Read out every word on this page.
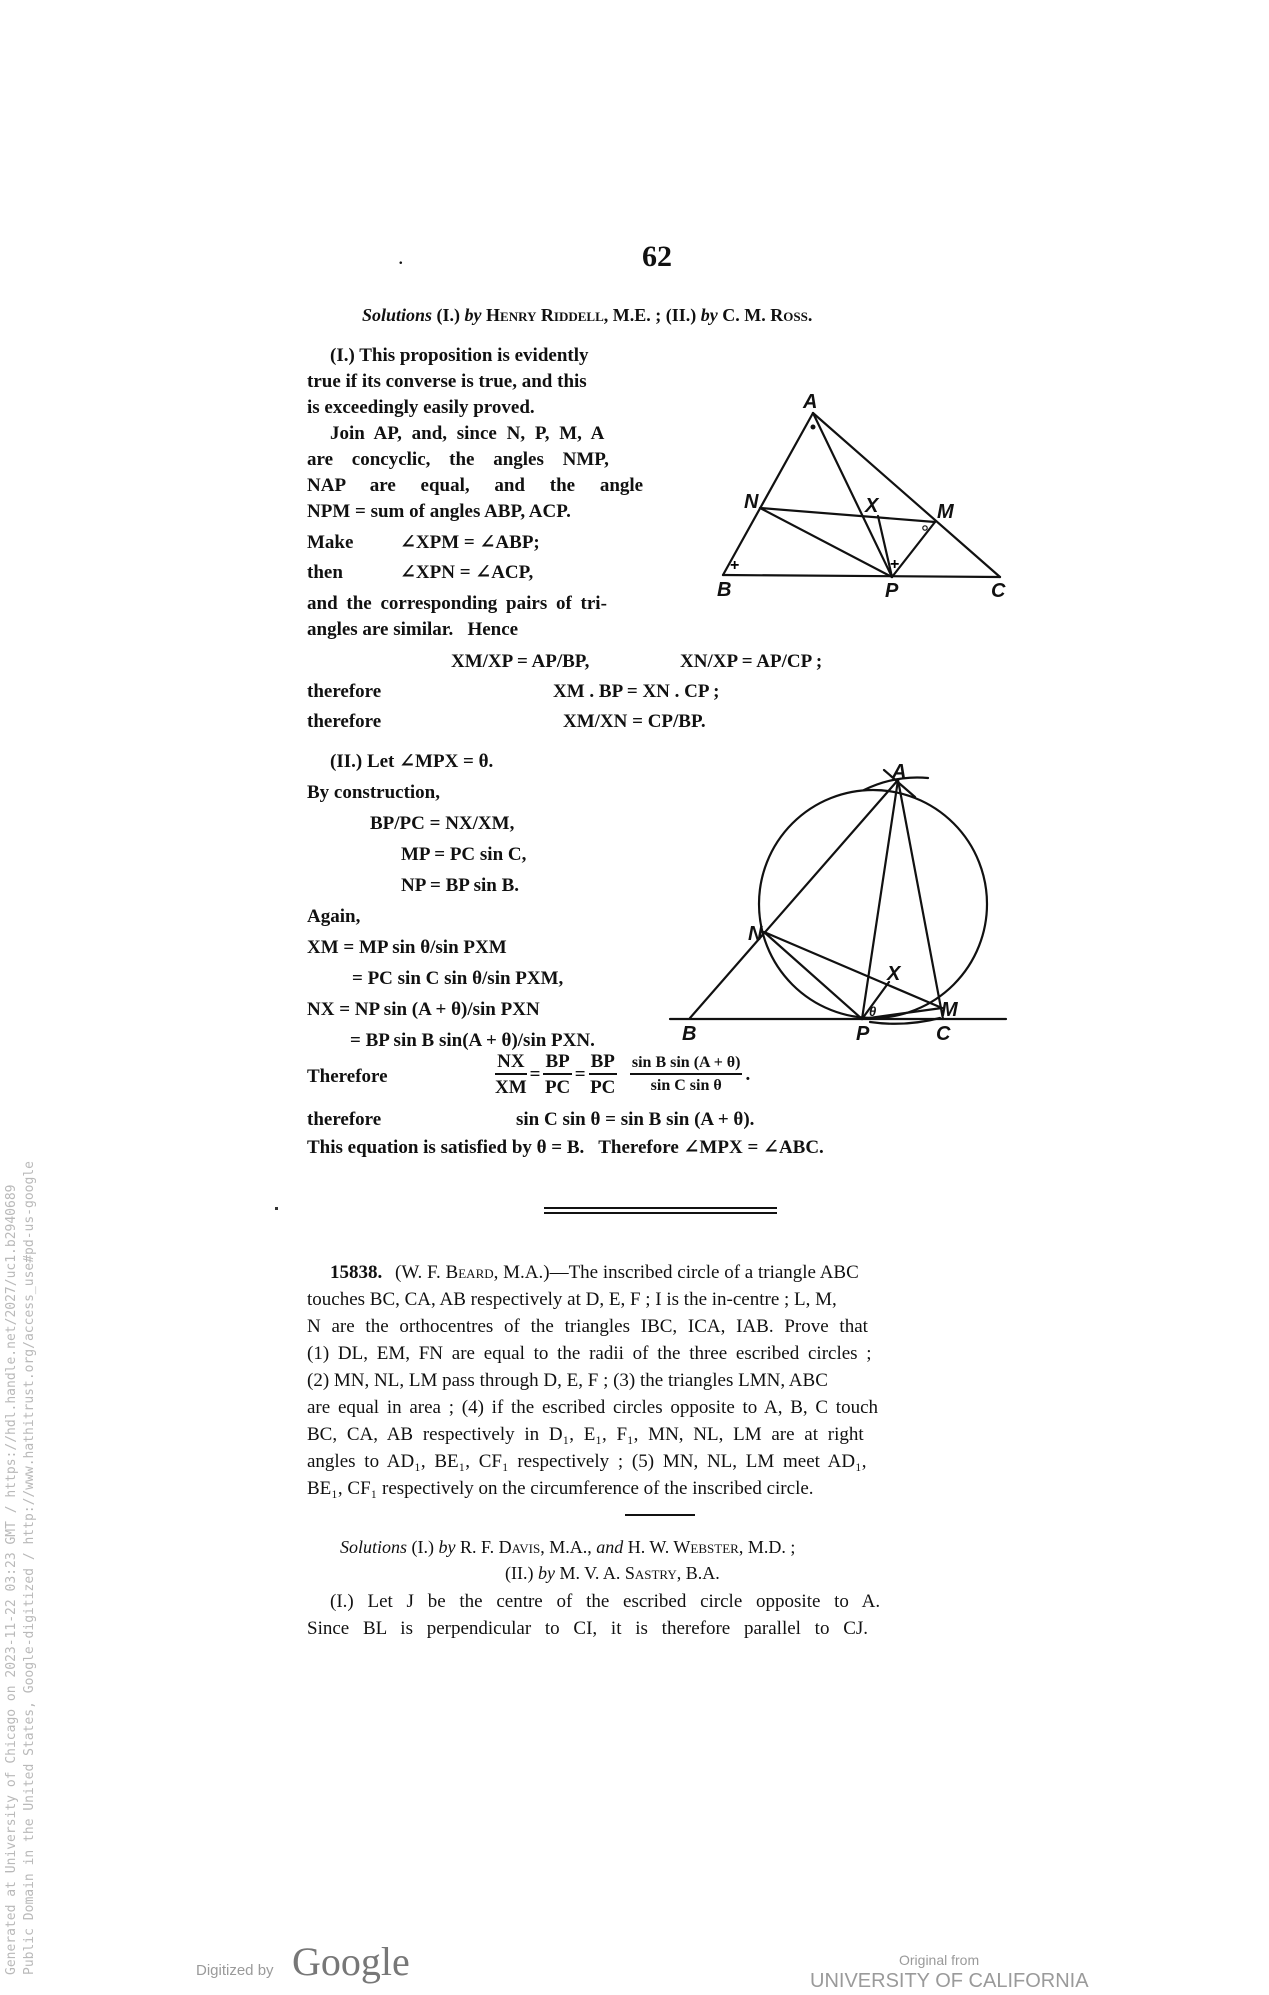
.	62
Solutions (I.) by Henry Riddell, M.E. ; (II.) by C. M. Ross.
(I.) This proposition is evidently
true if its converse is true, and this
is exceedingly easily proved.
Join AP, and, since N, P, M, A
are concyclic, the angles NMP,
NAP are equal, and the angle
NPM = sum of angles ABP, ACP.
Make ∠XPM = ∠ABP;
then	∠XPN = ∠ACP,
and the corresponding pairs of tri-
angles are similar.   Hence
XM/XP = AP/BP,	XN/XP = AP/CP ;
therefore	XM . BP = XN . CP ;
therefore	XM/XN = CP/BP.
+	+
A
N	X	M
B	P	C
(II.) Let ∠MPX = θ.
By construction,
BP/PC = NX/XM,
MP = PC sin C,
NP = BP sin B.
Again,
XM = MP sin θ/sin PXM
= PC sin C sin θ/sin PXM,
NX = NP sin (A + θ)/sin PXN
= BP sin B sin(A + θ)/sin PXN.
Therefore	$\frac{NX}{XM} = \frac{BP}{PC} = \frac{BP}{PC} \frac{\text{sin B sin (A + θ)}}{\text{sin C sin θ}}$ .
therefore	sin C sin θ = sin B sin (A + θ).
This equation is satisfied by θ = B.   Therefore ∠MPX = ∠ABC.
A
N
X
M
B	P	C
θ
15838. (W. F. Beard, M.A.)—The inscribed circle of a triangle ABC
touches BC, CA, AB respectively at D, E, F ; I is the in-centre ; L, M,
N are the orthocentres of the triangles IBC, ICA, IAB. Prove that
(1) DL, EM, FN are equal to the radii of the three escribed circles ;
(2) MN, NL, LM pass through D, E, F ; (3) the triangles LMN, ABC
are equal in area ; (4) if the escribed circles opposite to A, B, C touch
BC, CA, AB respectively in D₁, E₁, F₁, MN, NL, LM are at right
angles to AD₁, BE₁, CF₁ respectively ; (5) MN, NL, LM meet AD₁,
BE₁, CF₁ respectively on the circumference of the inscribed circle.
Solutions (I.) by R. F. Davis, M.A., and H. W. Webster, M.D. ;
(II.) by M. V. A. Sastry, B.A.
(I.) Let J be the centre of the escribed circle opposite to A.
Since BL is perpendicular to CI, it is therefore parallel to CJ.
Generated at University of Chicago on 2023-11-22 03:23 GMT / https://hdl.handle.net/2027/uc1.b2940689 Public Domain in the United States, Google-digitized / http://www.hathitrust.org/access_use#pd-us-google	Digitized by Google	Original from
UNIVERSITY OF CALIFORNIA
